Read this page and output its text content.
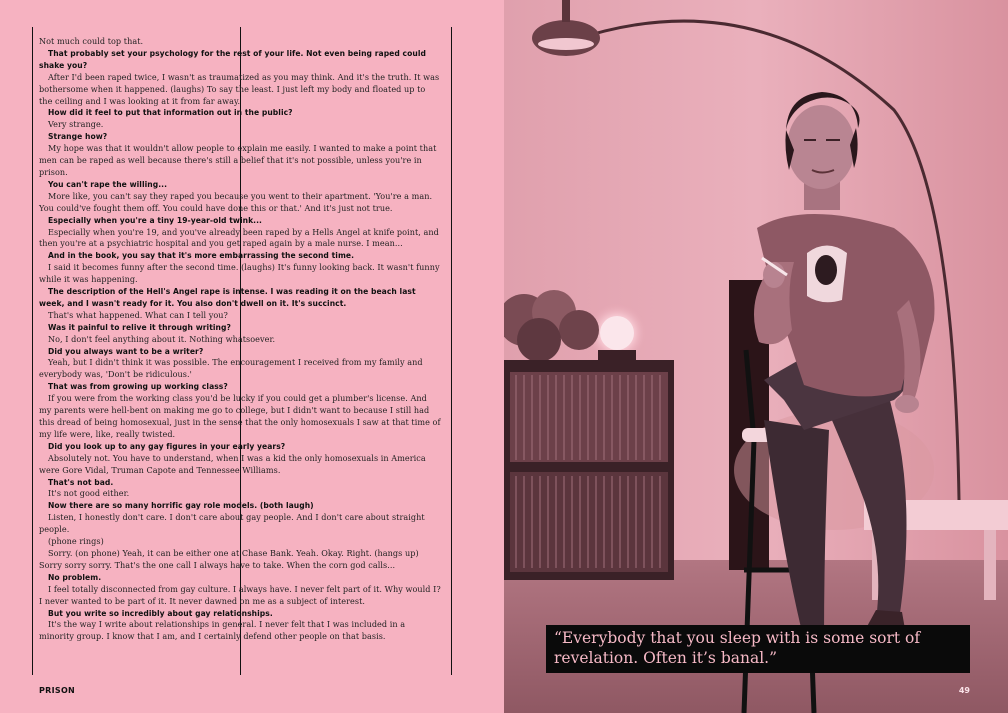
Not much could top that.

That probably set your psychology for the rest of your life. Not even being raped could shake you?

After I'd been raped twice, I wasn't as traumatized as you may think. And it's the truth. It was bothersome when it happened. (laughs) To say the least. I just left my body and floated up to the ceiling and I was looking at it from far away.

How did it feel to put that information out in the public?

Very strange.

Strange how?

My hope was that it wouldn't allow people to explain me easily. I wanted to make a point that men can be raped as well because there's still a belief that it's not possible, unless you're in prison.

You can't rape the willing...

More like, you can't say they raped you because you went to their apartment. 'You're a man. You could've fought them off. You could have done this or that.' And it's just not true.

Especially when you're a tiny 19-year-old twink...

Especially when you're 19, and you've already been raped by a Hells Angel at knife point, and then you're at a psychiatric hospital and you get raped again by a male nurse. I mean...

And in the book, you say that it's more embarrassing the second time.

I said it becomes funny after the second time. (laughs) It's funny looking back. It wasn't funny while it was happening.

The description of the Hell's Angel rape is intense. I was reading it on the beach last week, and I wasn't ready for it. You also don't dwell on it. It's succinct.

That's what happened. What can I tell you?

Was it painful to relive it through writing?

No, I don't feel anything about it. Nothing whatsoever.

Did you always want to be a writer?

Yeah, but I didn't think it was possible. The encouragement I received from my family and everybody was, 'Don't be ridiculous.'

That was from growing up working class?

If you were from the working class you'd be lucky if you could get a plumber's license. And my parents were hell-bent on making me go to college, but I didn't want to because I still had this dread of being homosexual, just in the sense that the only homosexuals I saw at that time of my life were, like, really twisted.

Did you look up to any gay figures in your early years?

Absolutely not. You have to understand, when I was a kid the only homosexuals in America were Gore Vidal, Truman Capote and Tennessee Williams.

That's not bad.

It's not good either.

Now there are so many horrific gay role models. (both laugh)

Listen, I honestly don't care. I don't care about gay people. And I don't care about straight people.

(phone rings)

Sorry. (on phone) Yeah, it can be either one at Chase Bank. Yeah. Okay. Right. (hangs up) Sorry sorry sorry. That's the one call I always have to take. When the corn god calls...

No problem.

I feel totally disconnected from gay culture. I always have. I never felt part of it. Why would I? I never wanted to be part of it. It never dawned on me as a subject of interest.

But you write so incredibly about gay relationships.

It's the way I write about relationships in general. I never felt that I was included in a minority group. I know that I am, and I certainly defend other people on that basis.

PRISON	49
“Everybody that you sleep with is some sort of revelation. Often it’s banal.”
